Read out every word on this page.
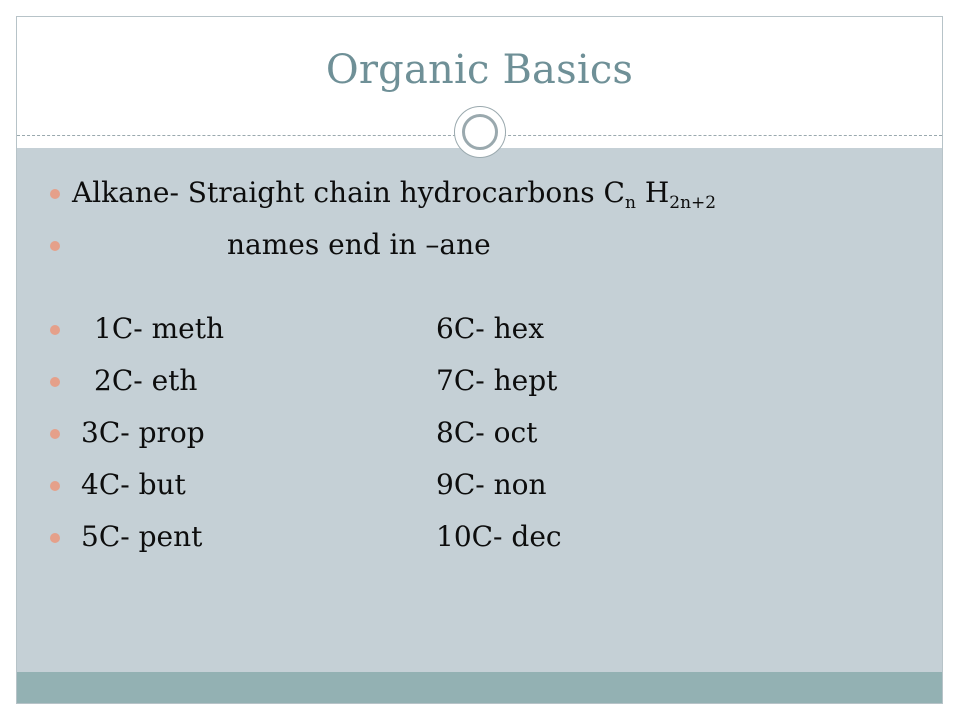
Organic Basics
Alkane- Straight chain hydrocarbons $C_n$ $H_{2n+2}$
names end in –ane
1C- meth	6C- hex
2C- eth	7C- hept
3C- prop	8C- oct
4C- but	9C- non
5C- pent	10C- dec
